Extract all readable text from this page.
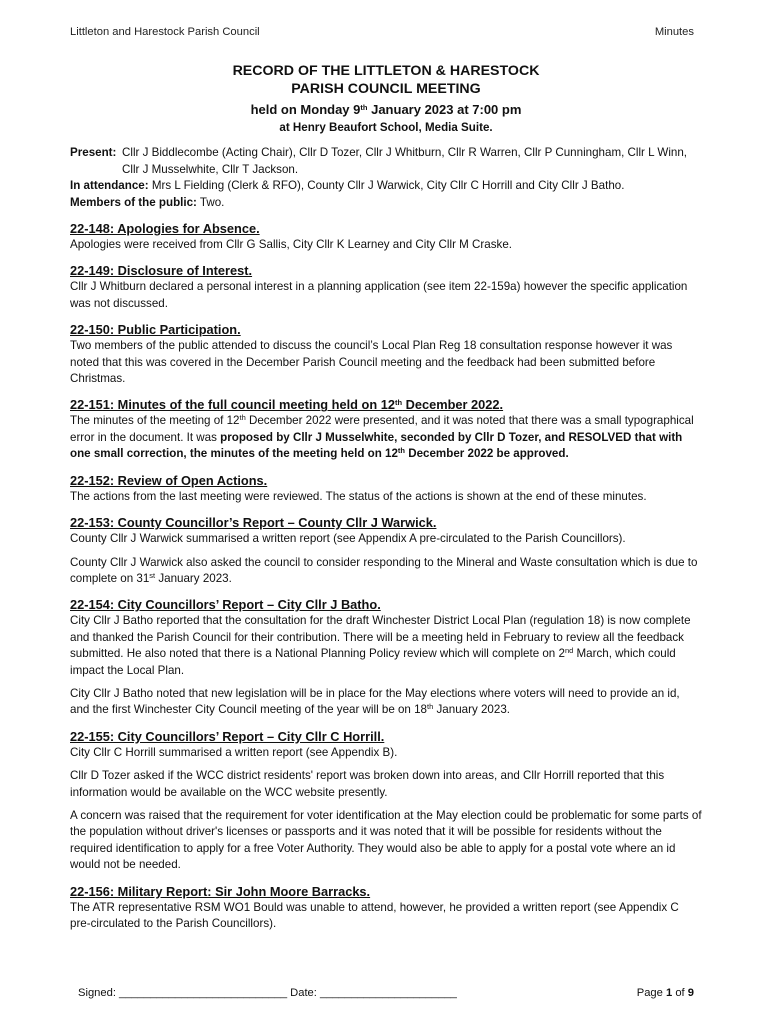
Littleton and Harestock Parish Council	Minutes
RECORD OF THE LITTLETON & HARESTOCK
PARISH COUNCIL MEETING
held on Monday 9th January 2023 at 7:00 pm
at Henry Beaufort School, Media Suite.
Present: Cllr J Biddlecombe (Acting Chair), Cllr D Tozer, Cllr J Whitburn, Cllr R Warren, Cllr P Cunningham, Cllr L Winn, Cllr J Musselwhite, Cllr T Jackson.
In attendance: Mrs L Fielding (Clerk & RFO), County Cllr J Warwick, City Cllr C Horrill and City Cllr J Batho.
Members of the public: Two.
22-148: Apologies for Absence.

Apologies were received from Cllr G Sallis, City Cllr K Learney and City Cllr M Craske.

22-149: Disclosure of Interest.

Cllr J Whitburn declared a personal interest in a planning application (see item 22-159a) however the specific application was not discussed.

22-150: Public Participation.

Two members of the public attended to discuss the council’s Local Plan Reg 18 consultation response however it was noted that this was covered in the December Parish Council meeting and the feedback had been submitted before Christmas.

22-151: Minutes of the full council meeting held on 12th December 2022.

The minutes of the meeting of 12th December 2022 were presented, and it was noted that there was a small typographical error in the document. It was proposed by Cllr J Musselwhite, seconded by Cllr D Tozer, and RESOLVED that with one small correction, the minutes of the meeting held on 12th December 2022 be approved.

22-152: Review of Open Actions.

The actions from the last meeting were reviewed. The status of the actions is shown at the end of these minutes.

22-153: County Councillor’s Report – County Cllr J Warwick.

County Cllr J Warwick summarised a written report (see Appendix A pre-circulated to the Parish Councillors).

County Cllr J Warwick also asked the council to consider responding to the Mineral and Waste consultation which is due to complete on 31st January 2023.

22-154: City Councillors’ Report – City Cllr J Batho.

City Cllr J Batho reported that the consultation for the draft Winchester District Local Plan (regulation 18) is now complete and thanked the Parish Council for their contribution. There will be a meeting held in February to review all the feedback submitted. He also noted that there is a National Planning Policy review which will complete on 2nd March, which could impact the Local Plan.

City Cllr J Batho noted that new legislation will be in place for the May elections where voters will need to provide an id, and the first Winchester City Council meeting of the year will be on 18th January 2023.

22-155: City Councillors’ Report – City Cllr C Horrill.

City Cllr C Horrill summarised a written report (see Appendix B).

Cllr D Tozer asked if the WCC district residents' report was broken down into areas, and Cllr Horrill reported that this information would be available on the WCC website presently.

A concern was raised that the requirement for voter identification at the May election could be problematic for some parts of the population without driver's licenses or passports and it was noted that it will be possible for residents without the required identification to apply for a free Voter Authority. They would also be able to apply for a postal vote where an id would not be needed.

22-156: Military Report: Sir John Moore Barracks.

The ATR representative RSM WO1 Bould was unable to attend, however, he provided a written report (see Appendix C pre-circulated to the Parish Councillors).

Signed: ___________________________ Date: ______________________	Page 1 of 9
